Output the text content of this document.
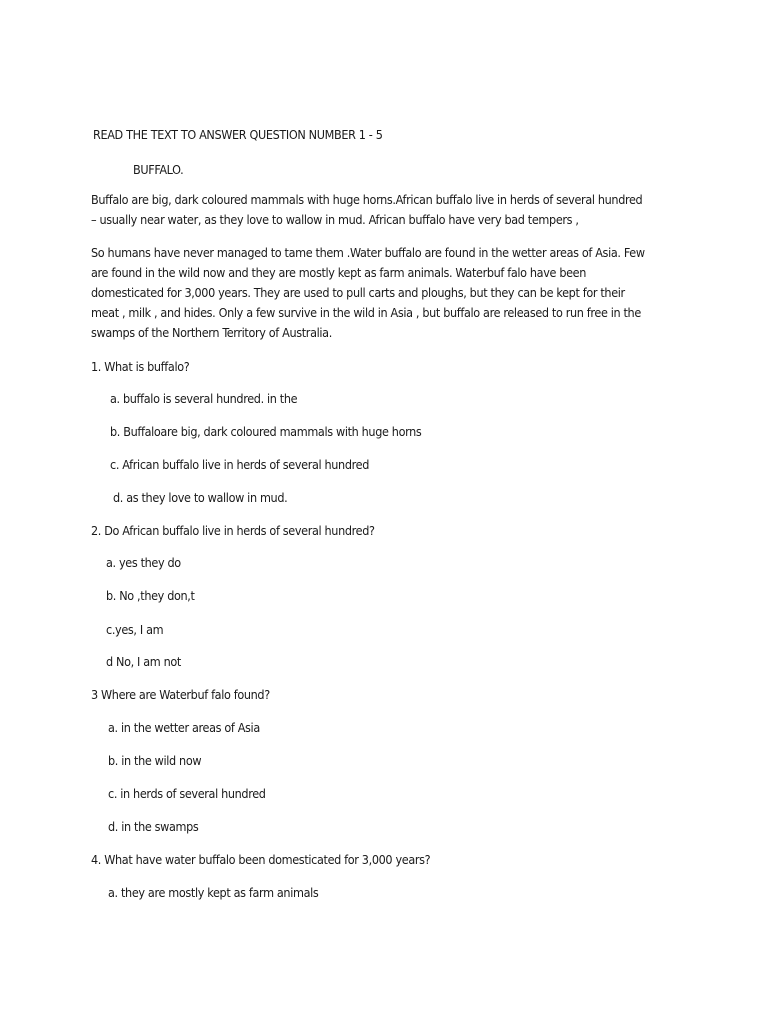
READ THE TEXT TO ANSWER QUESTION NUMBER 1 - 5
BUFFALO.
Buffalo are big, dark coloured mammals with huge horns.African buffalo live in herds of several hundred
– usually near water, as they love to wallow in mud. African buffalo have very bad tempers ,
So humans have never managed to tame them .Water buffalo are found in the wetter areas of Asia. Few
are found in the wild now and they are mostly kept as farm animals. Waterbuf falo have been
domesti̇cated for 3,000 years. They are used to pull carts and ploughs, but they can be kept for their
meat , milk , and hides. Only a few survive in the wild in Asia , but buffalo are released to run free in the
swamps of the Northern Territory of Australia.
1. What is buffalo?
a. buffalo is several hundred. in the
b. Buffaloare big, dark coloured mammals with huge horns
c. African buffalo live in herds of several hundred
d. as they love to wallow in mud.
2. Do African buffalo live in herds of several hundred?
a. yes they do
b. No ,they don,t
c.yes, I am
d No, I am not
3 Where are Waterbuf falo found?
a. in the wetter areas of Asia
b. in the wild now
c. in herds of several hundred
d. in the swamps
4. What have water buffalo been domesti̇cated for 3,000 years?
a. they are mostly kept as farm animals
